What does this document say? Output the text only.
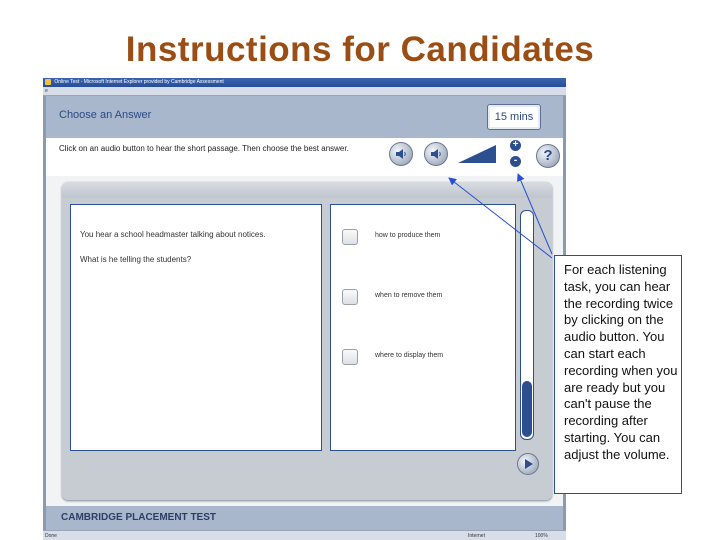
Instructions for Candidates
Online Test - Microsoft Internet Explorer provided by Cambridge Assessment
e
Choose an Answer	15 mins
Click on an audio button to hear the short passage. Then choose the best answer.	+
-	?
You hear a school headmaster talking about notices.
What is he telling the students?
how to produce them
when to remove them
where to display them
CAMBRIDGE PLACEMENT TEST
Done	Internet	100%
For each listening task, you can hear the recording twice by clicking on the audio button. You can start each recording when you are ready but you can't pause the recording after starting. You can adjust the volume.
